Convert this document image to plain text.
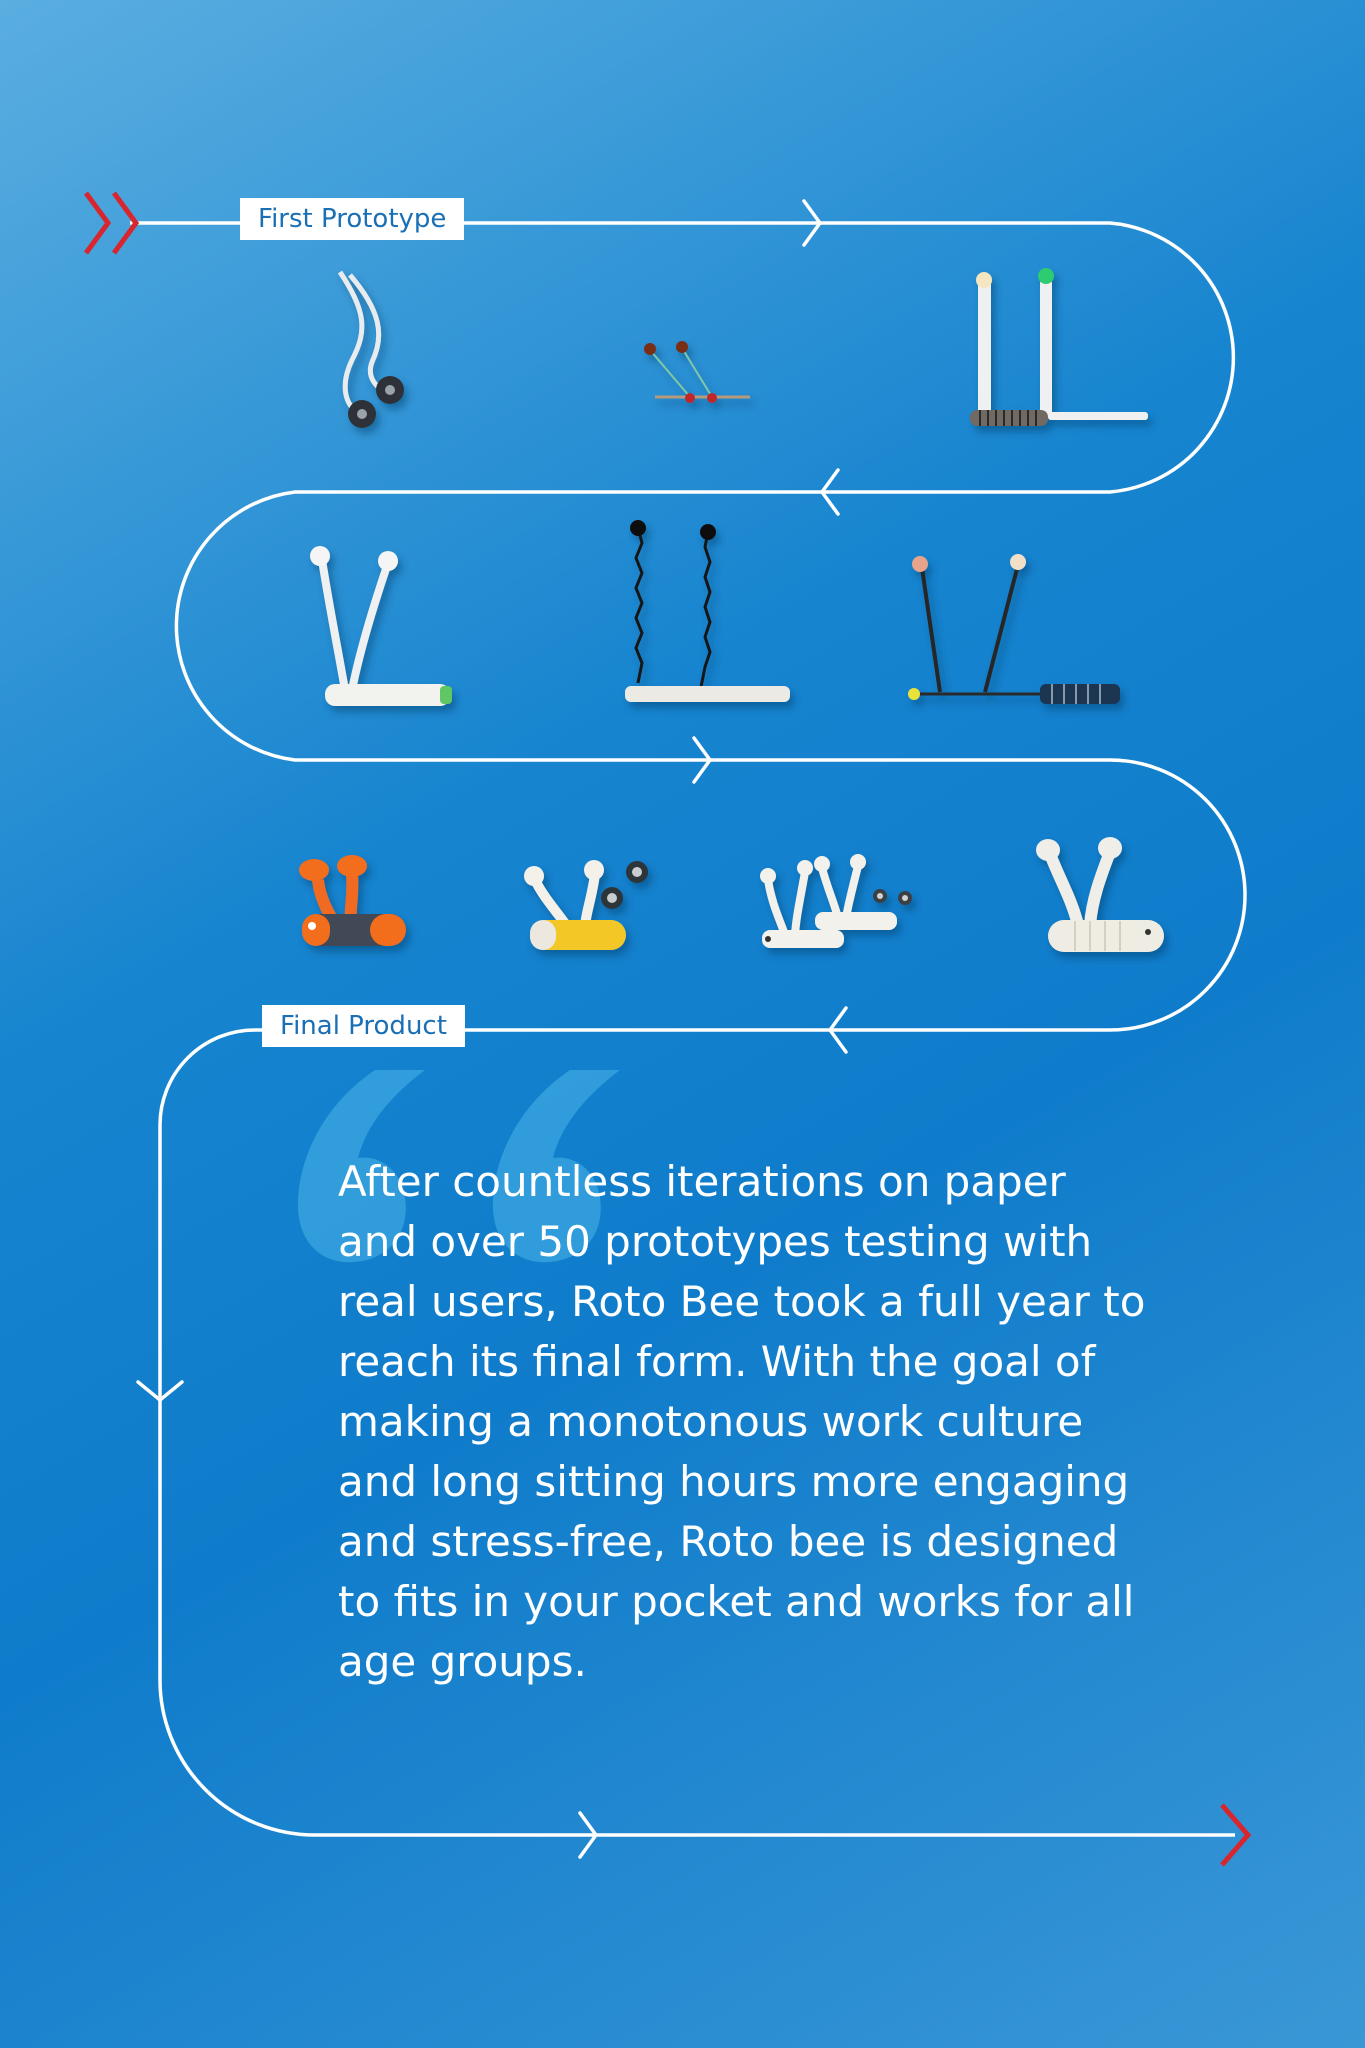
First Prototype
Final Product

After countless iterations on paper and over 50 prototypes testing with real users, Roto Bee took a full year to reach its final form. With the goal of making a monotonous work culture and long sitting hours more engaging and stress-free, Roto bee is designed to fits in your pocket and works for all age groups.
